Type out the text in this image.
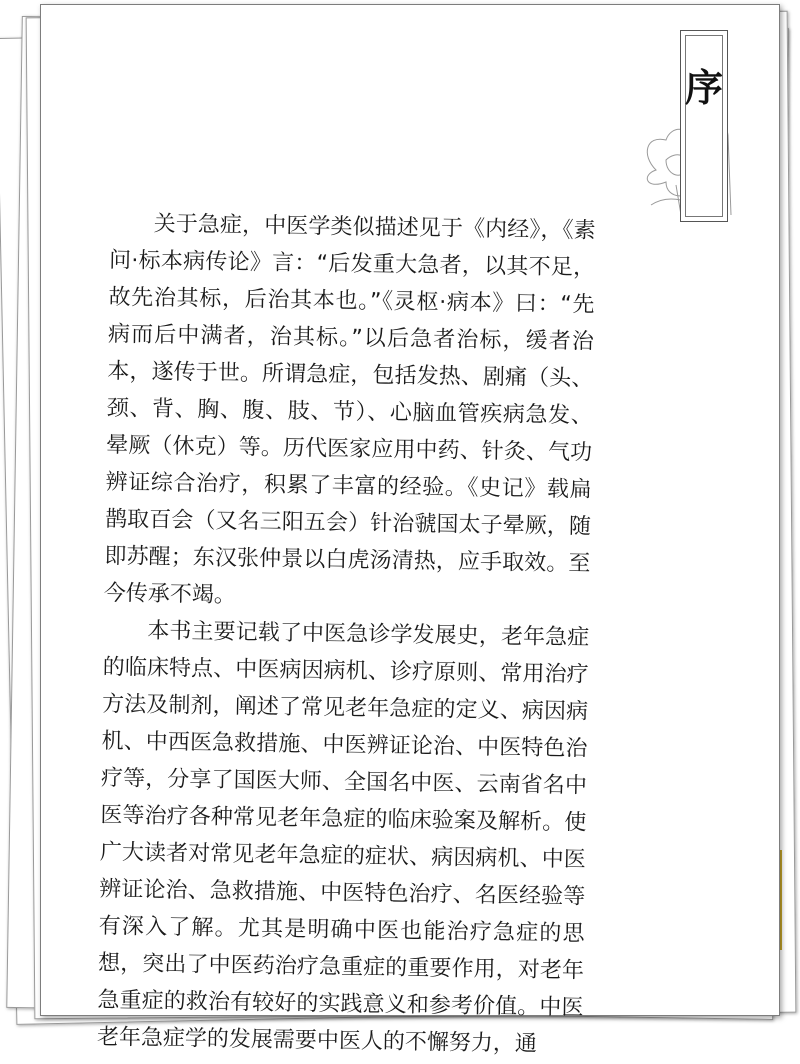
序

关于急症，中医学类似描述见于《内经》，《素问·标本病传论》言：“后发重大急者，以其不足，故先治其标，后治其本也。”《灵枢·病本》曰：“先病而后中满者，治其标。”以后急者治标，缓者治本，遂传于世。所谓急症，包括发热、剧痛（头、颈、背、胸、腹、肢、节）、心脑血管疾病急发、晕厥（休克）等。历代医家应用中药、针灸、气功辨证综合治疗，积累了丰富的经验。《史记》载扁鹊取百会（又名三阳五会）针治虢国太子晕厥，随即苏醒；东汉张仲景以白虎汤清热，应手取效。至今传承不竭。

本书主要记载了中医急诊学发展史，老年急症的临床特点、中医病因病机、诊疗原则、常用治疗方法及制剂，阐述了常见老年急症的定义、病因病机、中西医急救措施、中医辨证论治、中医特色治疗等，分享了国医大师、全国名中医、云南省名中医等治疗各种常见老年急症的临床验案及解析。使广大读者对常见老年急症的症状、病因病机、中医辨证论治、急救措施、中医特色治疗、名医经验等有深入了解。尤其是明确中医也能治疗急症的思想，突出了中医药治疗急重症的重要作用，对老年急重症的救治有较好的实践意义和参考价值。中医老年急症学的发展需要中医人的不懈努力，通
